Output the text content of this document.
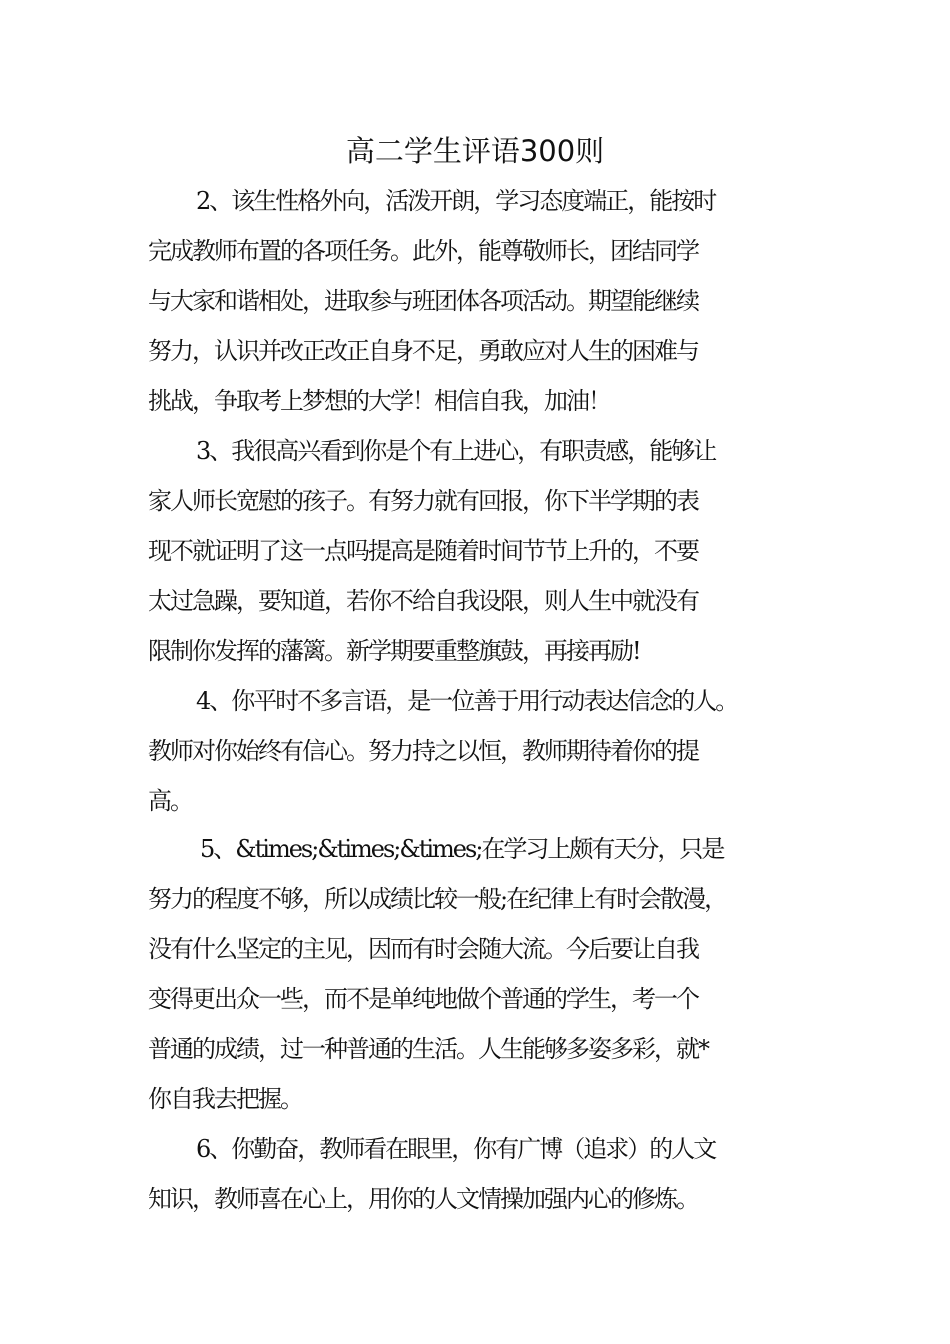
高二学生评语300则
2、该生性格外向，活泼开朗，学习态度端正，能按时
完成教师布置的各项任务。此外，能尊敬师长，团结同学
与大家和谐相处，进取参与班团体各项活动。期望能继续
努力，认识并改正改正自身不足，勇敢应对人生的困难与
挑战，争取考上梦想的大学！相信自我，加油！
3、我很高兴看到你是个有上进心，有职责感，能够让
家人师长宽慰的孩子。有努力就有回报，你下半学期的表
现不就证明了这一点吗提高是随着时间节节上升的，不要
太过急躁，要知道，若你不给自我设限，则人生中就没有
限制你发挥的藩篱。新学期要重整旗鼓，再接再励!
4、你平时不多言语，是一位善于用行动表达信念的人。
教师对你始终有信心。努力持之以恒，教师期待着你的提
高。
5、&times;&times;&times;在学习上颇有天分，只是
努力的程度不够，所以成绩比较一般;在纪律上有时会散漫，
没有什么坚定的主见，因而有时会随大流。今后要让自我
变得更出众一些，而不是单纯地做个普通的学生，考一个
普通的成绩，过一种普通的生活。人生能够多姿多彩，就*
你自我去把握。
6、你勤奋，教师看在眼里，你有广博（追求）的人文
知识，教师喜在心上，用你的人文情操加强内心的修炼。
